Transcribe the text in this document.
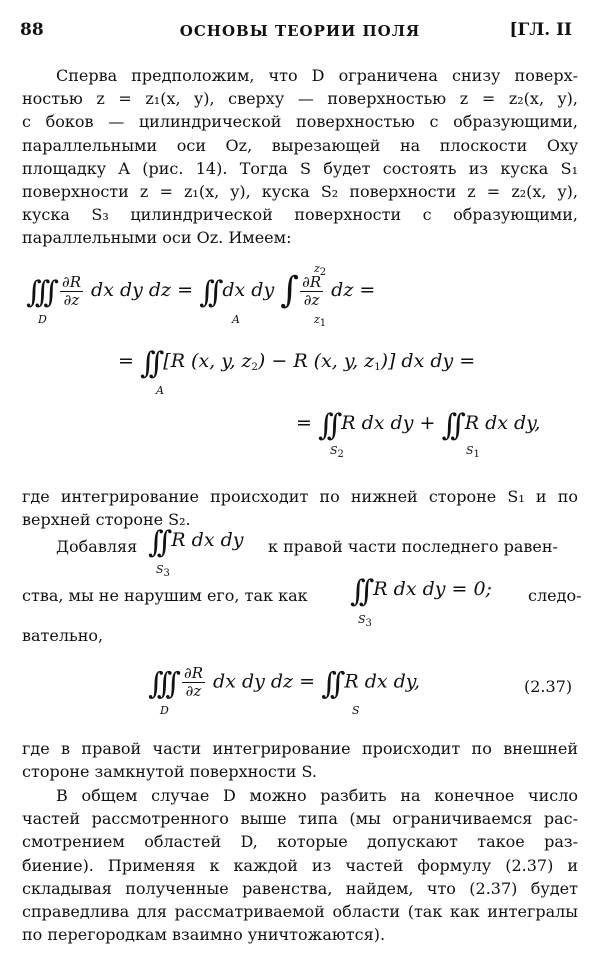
88	ОСНОВЫ ТЕОРИИ ПОЛЯ	[ГЛ. II
Сперва предположим, что D ограничена снизу поверх-
ностью z = z₁(x, y), сверху — поверхностью z = z₂(x, y),
с боков — цилиндрической поверхностью с образующими,
параллельными оси Oz, вырезающей на плоскости Oxy
площадку A (рис. 14). Тогда S будет состоять из куска S₁
поверхности z = z₁(x, y), куска S₂ поверхности z = z₂(x, y),
куска S₃ цилиндрической поверхности с образующими,
параллельными оси Oz. Имеем:
∫∫∫ $\frac{\partial R}{\partial z}$ dx dy dz = ∫∫ dx dy ∫ $\frac{\partial R}{\partial z}$ dz =
D	A
$z_2$
$z_1$
= ∫∫ [R (x, y, $z_2) - R$ (x, y, $z_1$)] dx dy =
A
= ∫∫ R dx dy + ∫∫ R dx dy,
$S_2$	$S_1$
где интегрирование происходит по нижней стороне S₁ и по
верхней стороне S₂.
Добавляя ∫∫ R dx dy
$S_3$
к правой части последнего равен-
ства, мы не нарушим его, так как ∫∫ R dx dy = 0;
$S_3$
следо-
вательно,
∫∫∫ $\frac{\partial R}{\partial z}$ dx dy dz = ∫∫ R dx dy,
D	S
(2.37)
где в правой части интегрирование происходит по внешней
стороне замкнутой поверхности S.
В общем случае D можно разбить на конечное число
частей рассмотренного выше типа (мы ограничиваемся рас-
смотрением областей D, которые допускают такое раз-
биение). Применяя к каждой из частей формулу (2.37) и
складывая полученные равенства, найдем, что (2.37) будет
справедлива для рассматриваемой области (так как интегралы
по перегородкам взаимно уничтожаются).
